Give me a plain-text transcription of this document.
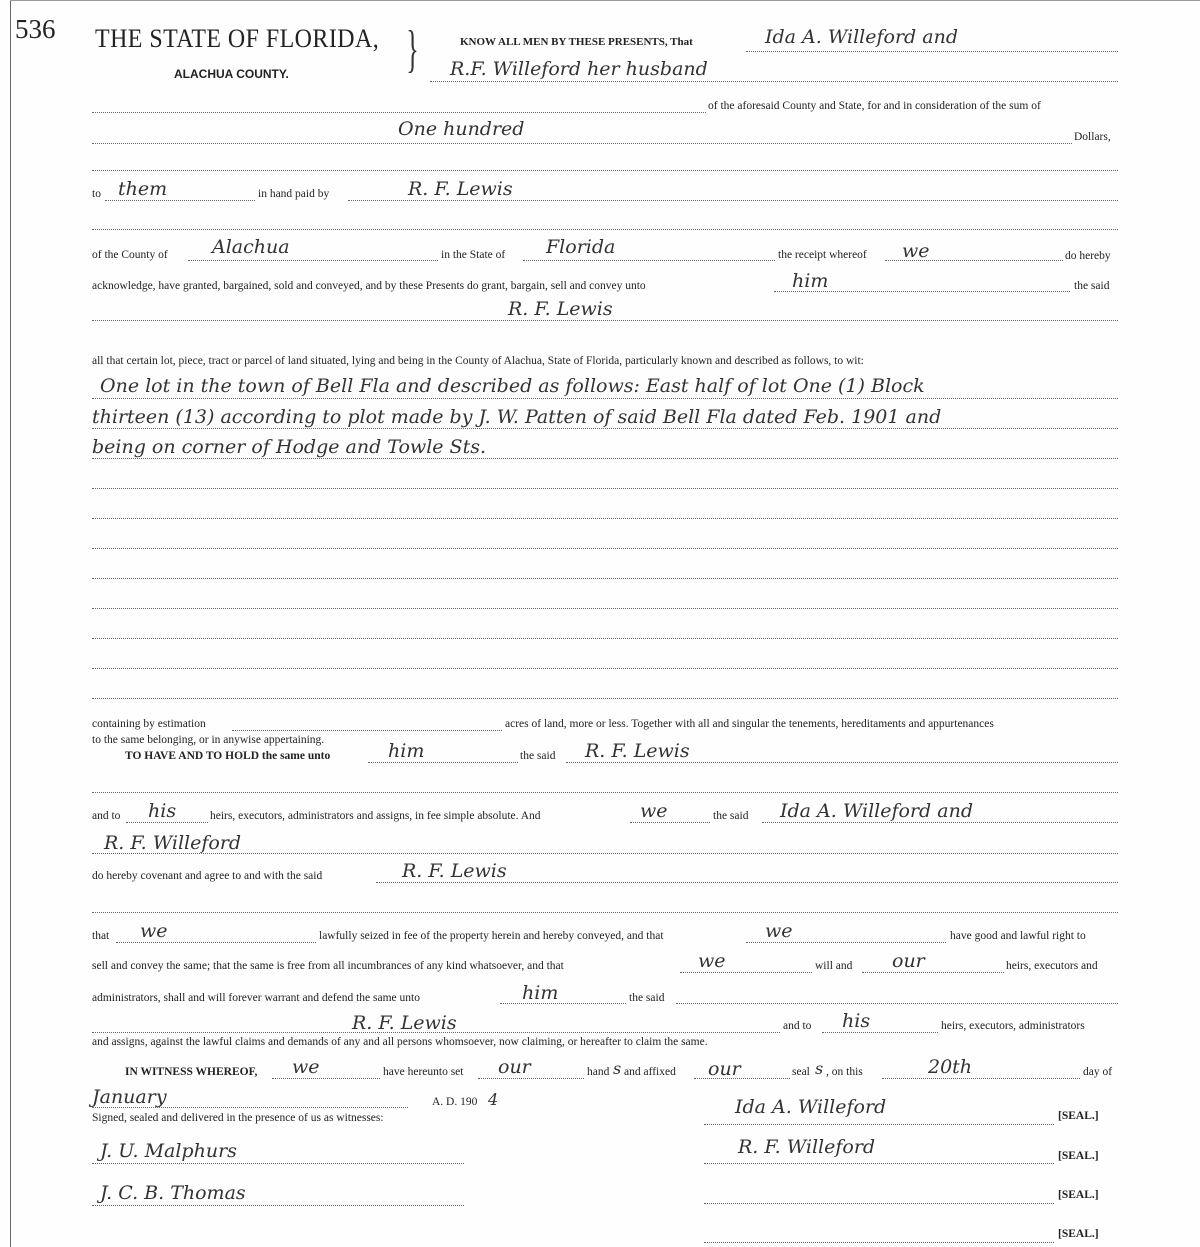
536 THE STATE OF FLORIDA,
ALACHUA COUNTY. }	KNOW ALL MEN BY THESE PRESENTS, That	Ida A. Willeford and
R.F. Willeford her husband
of the aforesaid County and State, for and in consideration of the sum of
One hundred	Dollars,
to them	in hand paid by	R. F. Lewis
of the County of Alachua	in the State of Florida	the receipt whereof we	do hereby
acknowledge, have granted, bargained, sold and conveyed, and by these Presents do grant, bargain, sell and convey unto	him	the said
R. F. Lewis
all that certain lot, piece, tract or parcel of land situated, lying and being in the County of Alachua, State of Florida, particularly known and described as follows, to wit:
One lot in the town of Bell Fla and described as follows: East half of lot One (1) Block
thirteen (13) according to plot made by J. W. Patten of said Bell Fla dated Feb. 1901 and
being on corner of Hodge and Towle Sts.
containing by estimation	acres of land, more or less. Together with all and singular the tenements, hereditaments and appurtenances
to the same belonging, or in anywise appertaining.
TO HAVE AND TO HOLD the same unto	him	the said R. F. Lewis
and to his	heirs, executors, administrators and assigns, in fee simple absolute. And	we	the said Ida A. Willeford and
R. F. Willeford
do hereby covenant and agree to and with the said	R. F. Lewis
that we	lawfully seized in fee of the property herein and hereby conveyed, and that	we	have good and lawful right to
sell and convey the same; that the same is free from all incumbrances of any kind whatsoever, and that	we	will and our	heirs, executors and
administrators, shall and will forever warrant and defend the same unto	him	the said
R. F. Lewis	and to his	heirs, executors, administrators
and assigns, against the lawful claims and demands of any and all persons whomsoever, now claiming, or hereafter to claim the same.
IN WITNESS WHEREOF, we	have hereunto set our	hand s and affixed our	seal s , on this	20th	day of
January	A. D. 190 4
Signed, sealed and delivered in the presence of us as witnesses:
J. U. Malphurs
J. C. B. Thomas
Ida A. Willeford	[SEAL.]
R. F. Willeford	[SEAL.]
[SEAL.]
[SEAL.]
